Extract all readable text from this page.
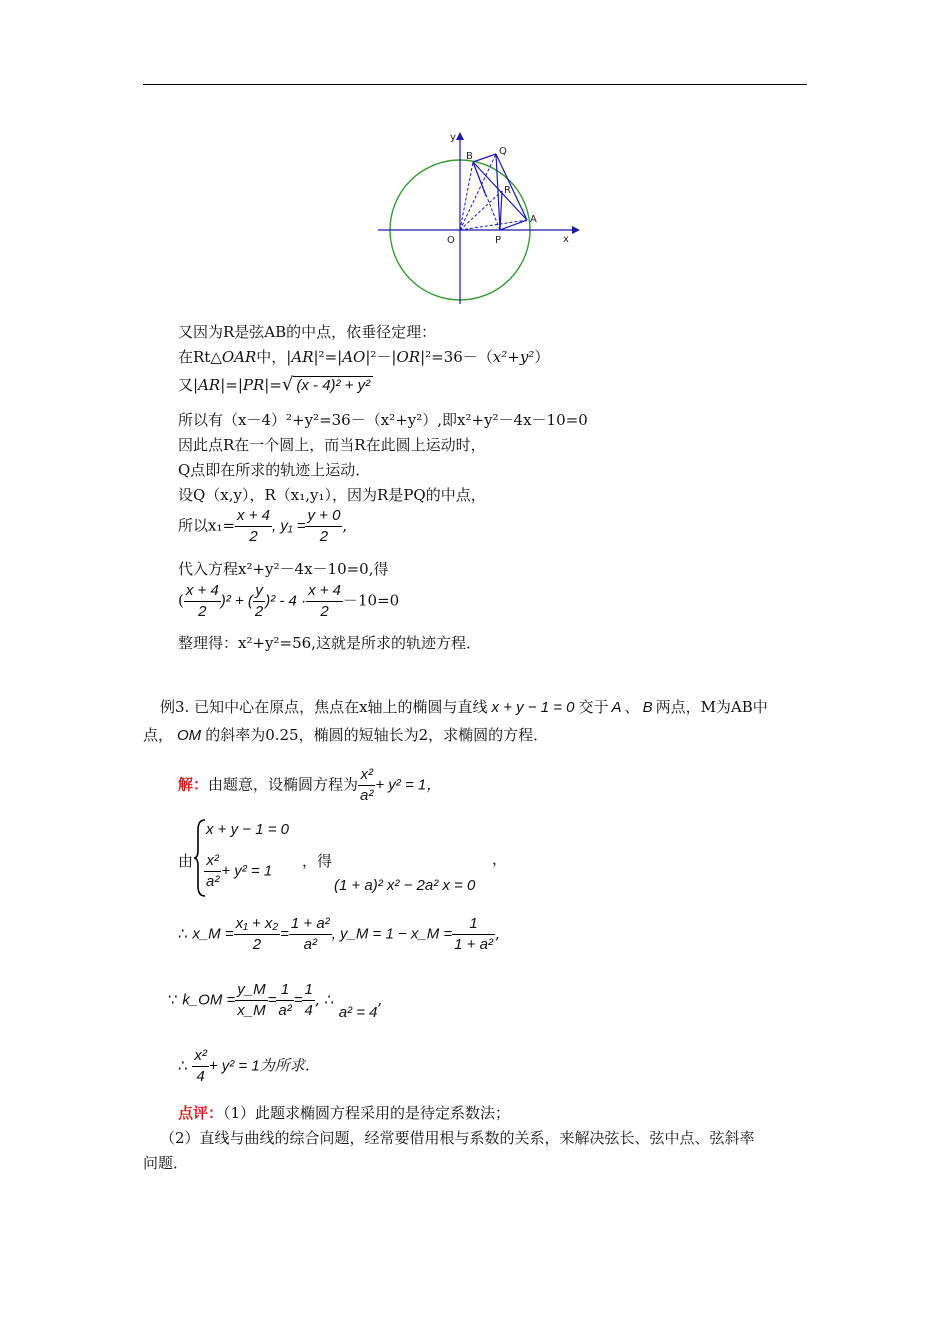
y
x
O	P
A
B	Q
R
又因为R是弦AB的中点，依垂径定理：
在Rt△OAR中，|AR|²=|AO|²－|OR|²=36－（x²+y²）
又|AR|=|PR|=√ (x - 4)² + y²
所以有（x－4）²+y²=36－（x²+y²）,即x²+y²－4x－10=0
因此点R在一个圆上，而当R在此圆上运动时，
Q点即在所求的轨迹上运动．
设Q（x,y），R（x₁,y₁），因为R是PQ的中点，
所以$x_1= \frac{x + 4}{2}$ , $y_1 = \frac{y + 0}{2}$ ,
代入方程x²+y²－4x－10=0,得
( $\frac{x + 4}{2} )^2$ + ( $\frac{y}{2} )^2 - 4 \cdot \frac{x + 4}{2} -10=0$
整理得：x²+y²=56,这就是所求的轨迹方程．
例3. 已知中心在原点，焦点在x轴上的椭圆与直线 x + y − 1 = 0 交于 A 、 B 两点，M为AB中
点， OM 的斜率为0.25，椭圆的短轴长为2，求椭圆的方程．
解：由题意，设椭圆方程为 $\frac{\text{x²}}{\text{a²}} + y^2 = 1$，
由
x + y − 1 = 0
$\frac{\text{x²}}{\text{a²}} + y^2 = 1$
，得
(1 + a)² x² − 2a² x = 0
，
∴ x_M = $\frac{\text{x₁ + x₂}}{2} = \frac{\text{1 + a²}}{\text{a²}}$ , y_M = 1 − x_M = $\frac{1}{\text{1 + a²}}$ ,
∵ k_OM = $\frac{y\_M}{x\_M} = \frac{1}{\text{a²}} = \frac{1}{4}$ , ∴ a² = 4,
∴ $\frac{\text{x²}}{4} + y^2 = 1$为所求．
点评：（1）此题求椭圆方程采用的是待定系数法；
（2）直线与曲线的综合问题，经常要借用根与系数的关系，来解决弦长、弦中点、弦斜率
问题．
